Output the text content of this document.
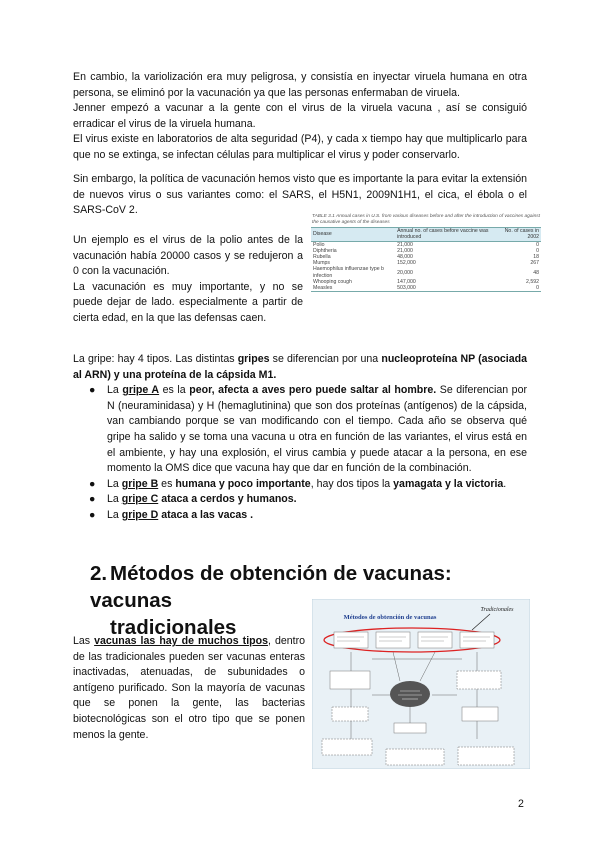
En cambio, la variolización era muy peligrosa, y consistía en inyectar viruela humana en otra persona, se eliminó por la vacunación ya que las personas enfermaban de viruela.

Jenner empezó a vacunar a la gente con el virus de la viruela vacuna , así se consiguió erradicar el virus de la viruela humana.

El virus existe en laboratorios de alta seguridad (P4), y cada x tiempo hay que multiplicarlo para que no se extinga, se infectan células para multiplicar el virus y poder conservarlo.

Sin embargo, la política de vacunación hemos visto que es importante la para evitar la extensión de nuevos virus o sus variantes como: el SARS, el H5N1, 2009N1H1, el cica, el ébola o el SARS-CoV 2.

Un ejemplo es el virus de la polio antes de la vacunación había 20000 casos y se redujeron a 0 con la vacunación.

La vacunación es muy importante, y no se puede dejar de lado. especialmente a partir de cierta edad, en la que las defensas caen.

TABLE 3.1 Annual cases in U.S. from various diseases before and after the introduction of vaccines against the causative agents of the diseases		
Disease	Annual no. of cases before vaccine was introduced	No. of cases in 2002
Polio	21,000	0
Diphtheria	21,000	0
Rubella	48,000	18
Mumps	152,000	267
Haemophilus influenzae type b infection	20,000	48
Whooping cough	147,000	2,592
Measles	503,000	0

La gripe: hay 4 tipos. Las distintas gripes se diferencian por una nucleoproteína NP (asociada al ARN) y una proteína de la cápsida M1.

● La gripe A es la peor, afecta a aves pero puede saltar al hombre. Se diferencian por N (neuraminidasa) y H (hemaglutinina) que son dos proteínas (antígenos) de la cápsida, van cambiando porque se van modificando con el tiempo. Cada año se observa qué gripe ha salido y se toma una vacuna u otra en función de las variantes, el virus está en el ambiente, y hay una explosión, el virus cambia y puede atacar a la persona, en ese momento la OMS dice que vacuna hay que dar en función de la combinación.
● La gripe B es humana y poco importante, hay dos tipos la yamagata y la victoria.
● La gripe C ataca a cerdos y humanos.
● La gripe D ataca a las vacas .
2. Métodos de obtención de vacunas: vacunas
tradicionales

Las vacunas las hay de muchos tipos, dentro de las tradicionales pueden ser vacunas enteras inactivadas, atenuadas, de subunidades o antígeno purificado. Son la mayoría de vacunas que se ponen la gente, las bacterias biotecnológicas son el otro tipo que se ponen menos la gente.

Métodos de obtención de vacunas
Tradicionales
2
